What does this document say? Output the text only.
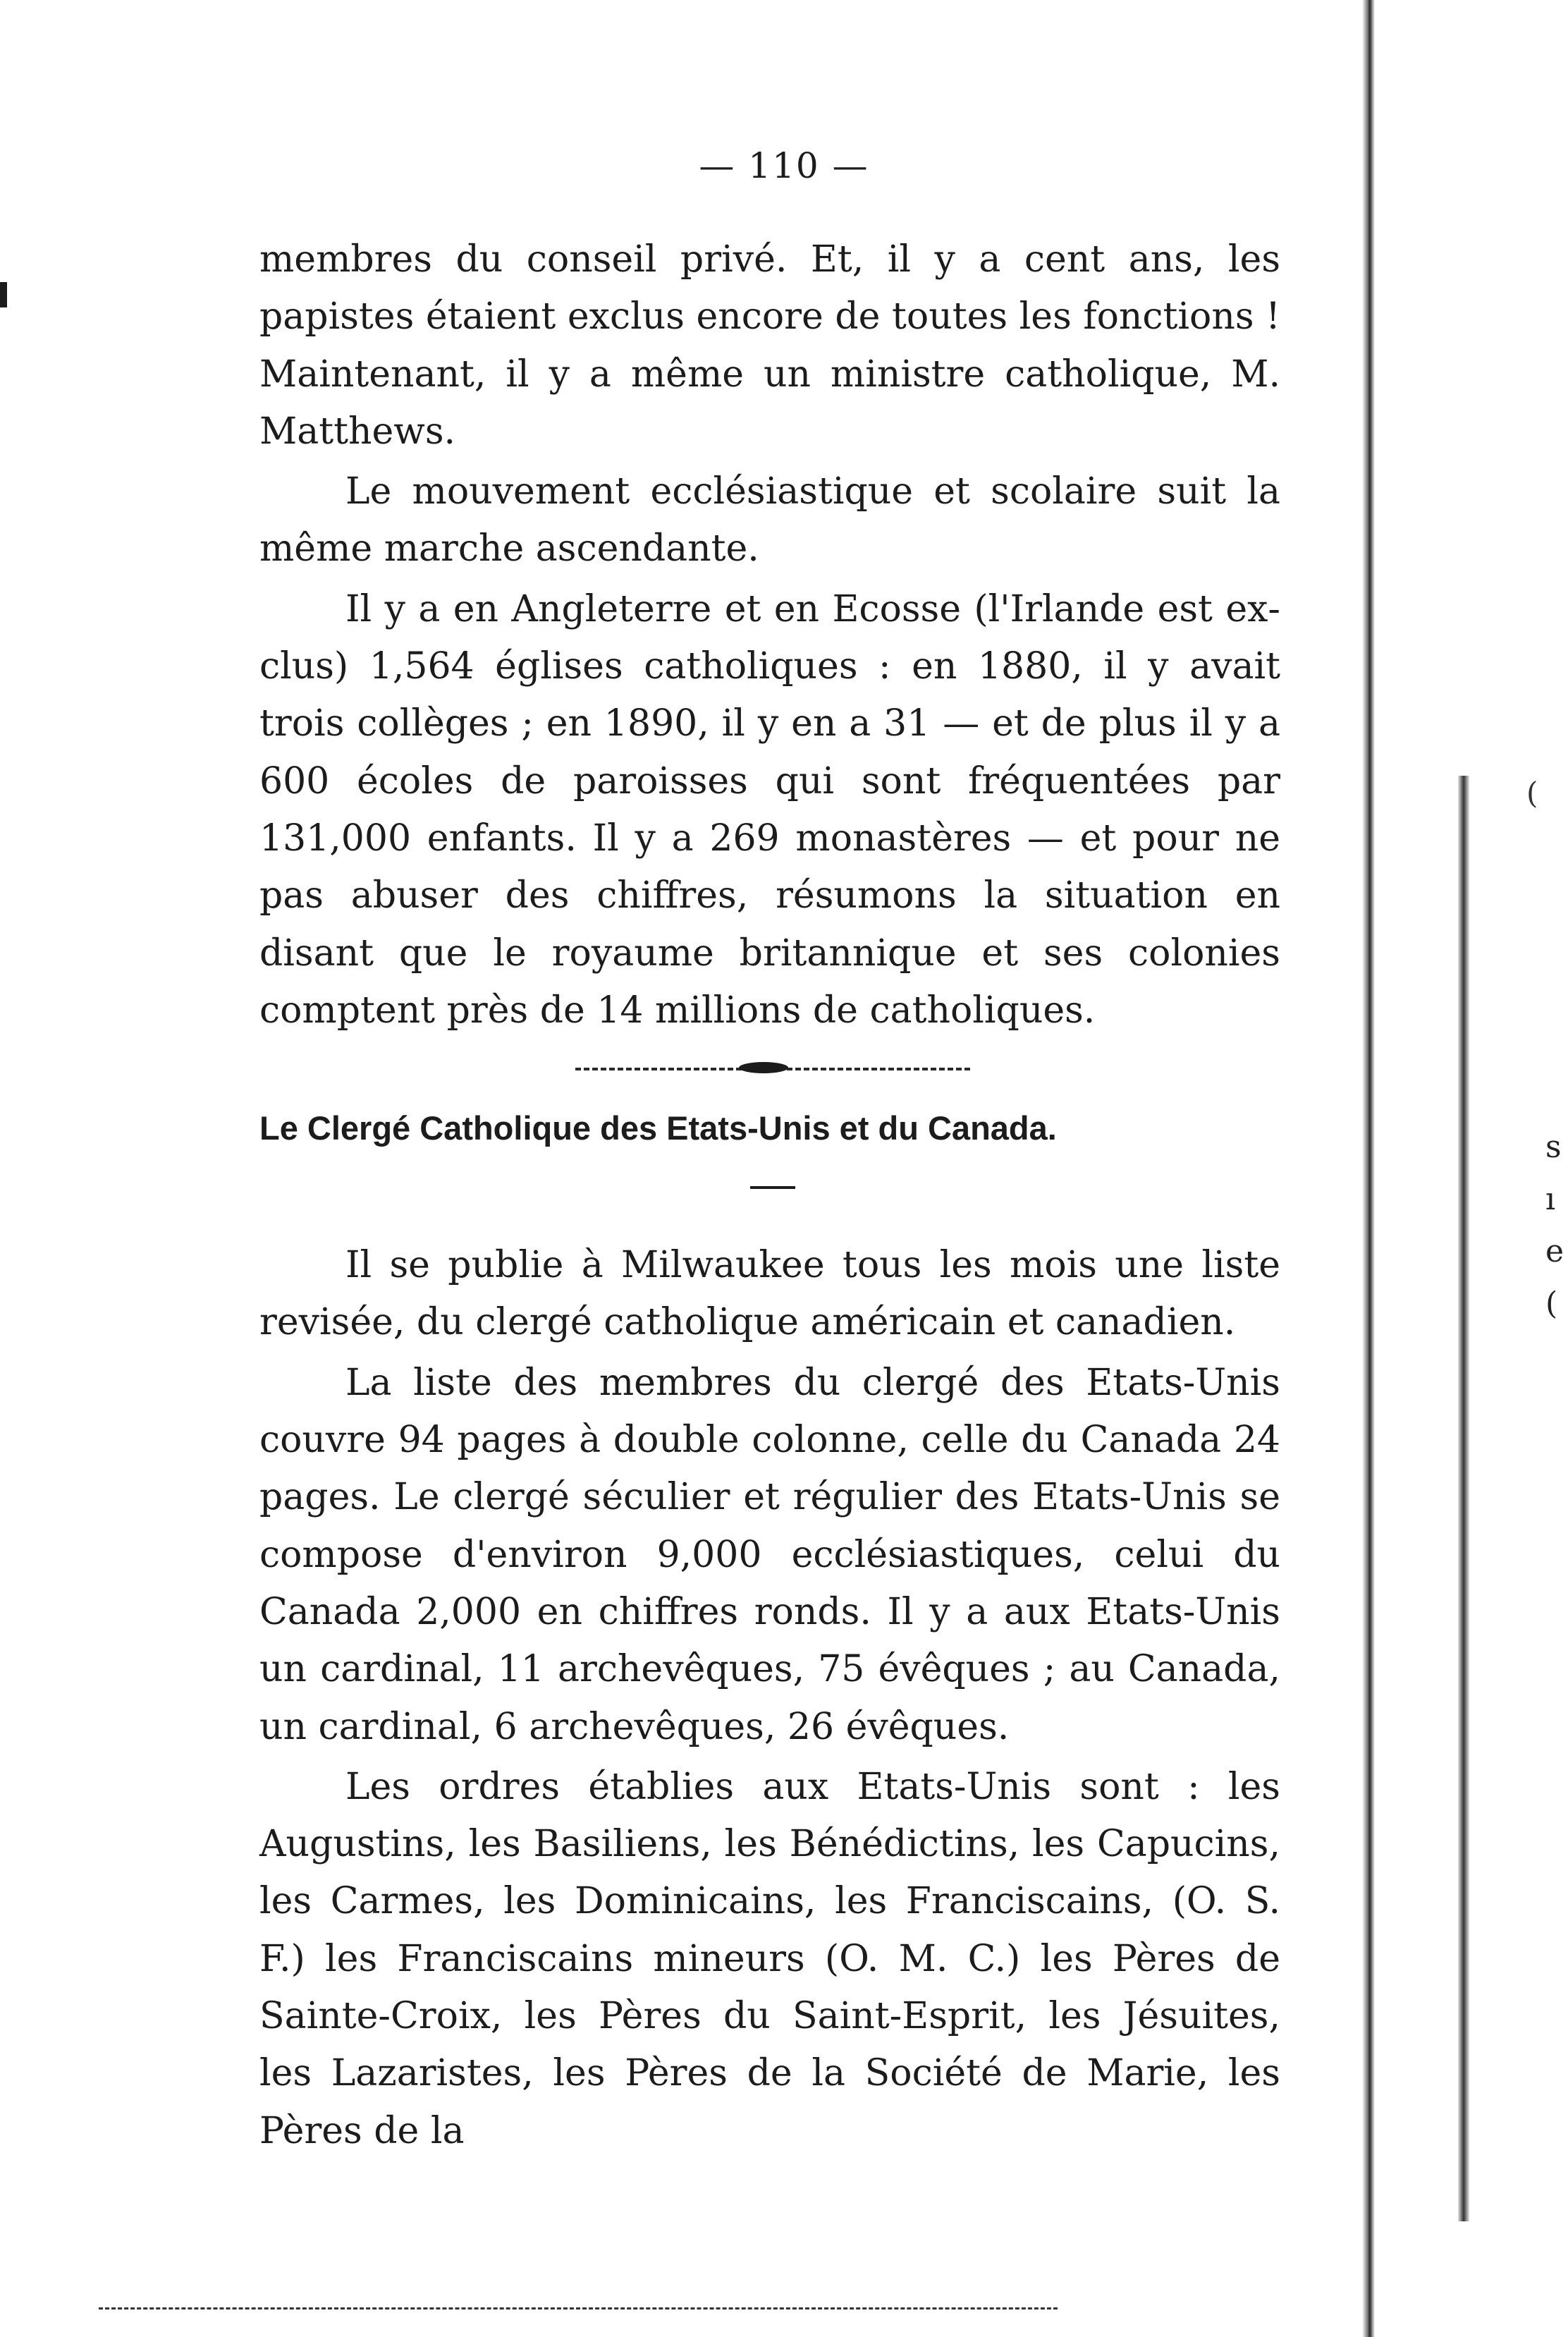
— 110 —

membres du conseil privé. Et, il y a cent ans, les papistes étaient exclus encore de toutes les fonctions ! Maintenant, il y a même un ministre catholique, M. Matthews.

Le mouvement ecclésiastique et scolaire suit la même marche ascendante.

Il y a en Angleterre et en Ecosse (l'Irlande est exclus) 1,564 églises catholiques : en 1880, il y avait trois collèges ; en 1890, il y en a 31 — et de plus il y a 600 écoles de paroisses qui sont fréquentées par 131,000 enfants. Il y a 269 monastères — et pour ne pas abuser des chiffres, résumons la situation en disant que le royaume britannique et ses colonies comptent près de 14 millions de catholiques.

Le Clergé Catholique des Etats-Unis et du Canada.

Il se publie à Milwaukee tous les mois une liste revisée, du clergé catholique américain et canadien.

La liste des membres du clergé des Etats-Unis couvre 94 pages à double colonne, celle du Canada 24 pages. Le clergé séculier et régulier des Etats-Unis se compose d'environ 9,000 ecclésiastiques, celui du Canada 2,000 en chiffres ronds. Il y a aux Etats-Unis un cardinal, 11 archevêques, 75 évêques ; au Canada, un cardinal, 6 archevêques, 26 évêques.

Les ordres établies aux Etats-Unis sont : les Augustins, les Basiliens, les Bénédictins, les Capucins, les Carmes, les Dominicains, les Franciscains, (O. S. F.) les Franciscains mineurs (O. M. C.) les Pères de Sainte-Croix, les Pères du Saint-Esprit, les Jésuites, les Lazaristes, les Pères de la Société de Marie, les Pères de la

(
s
ı
e
(
